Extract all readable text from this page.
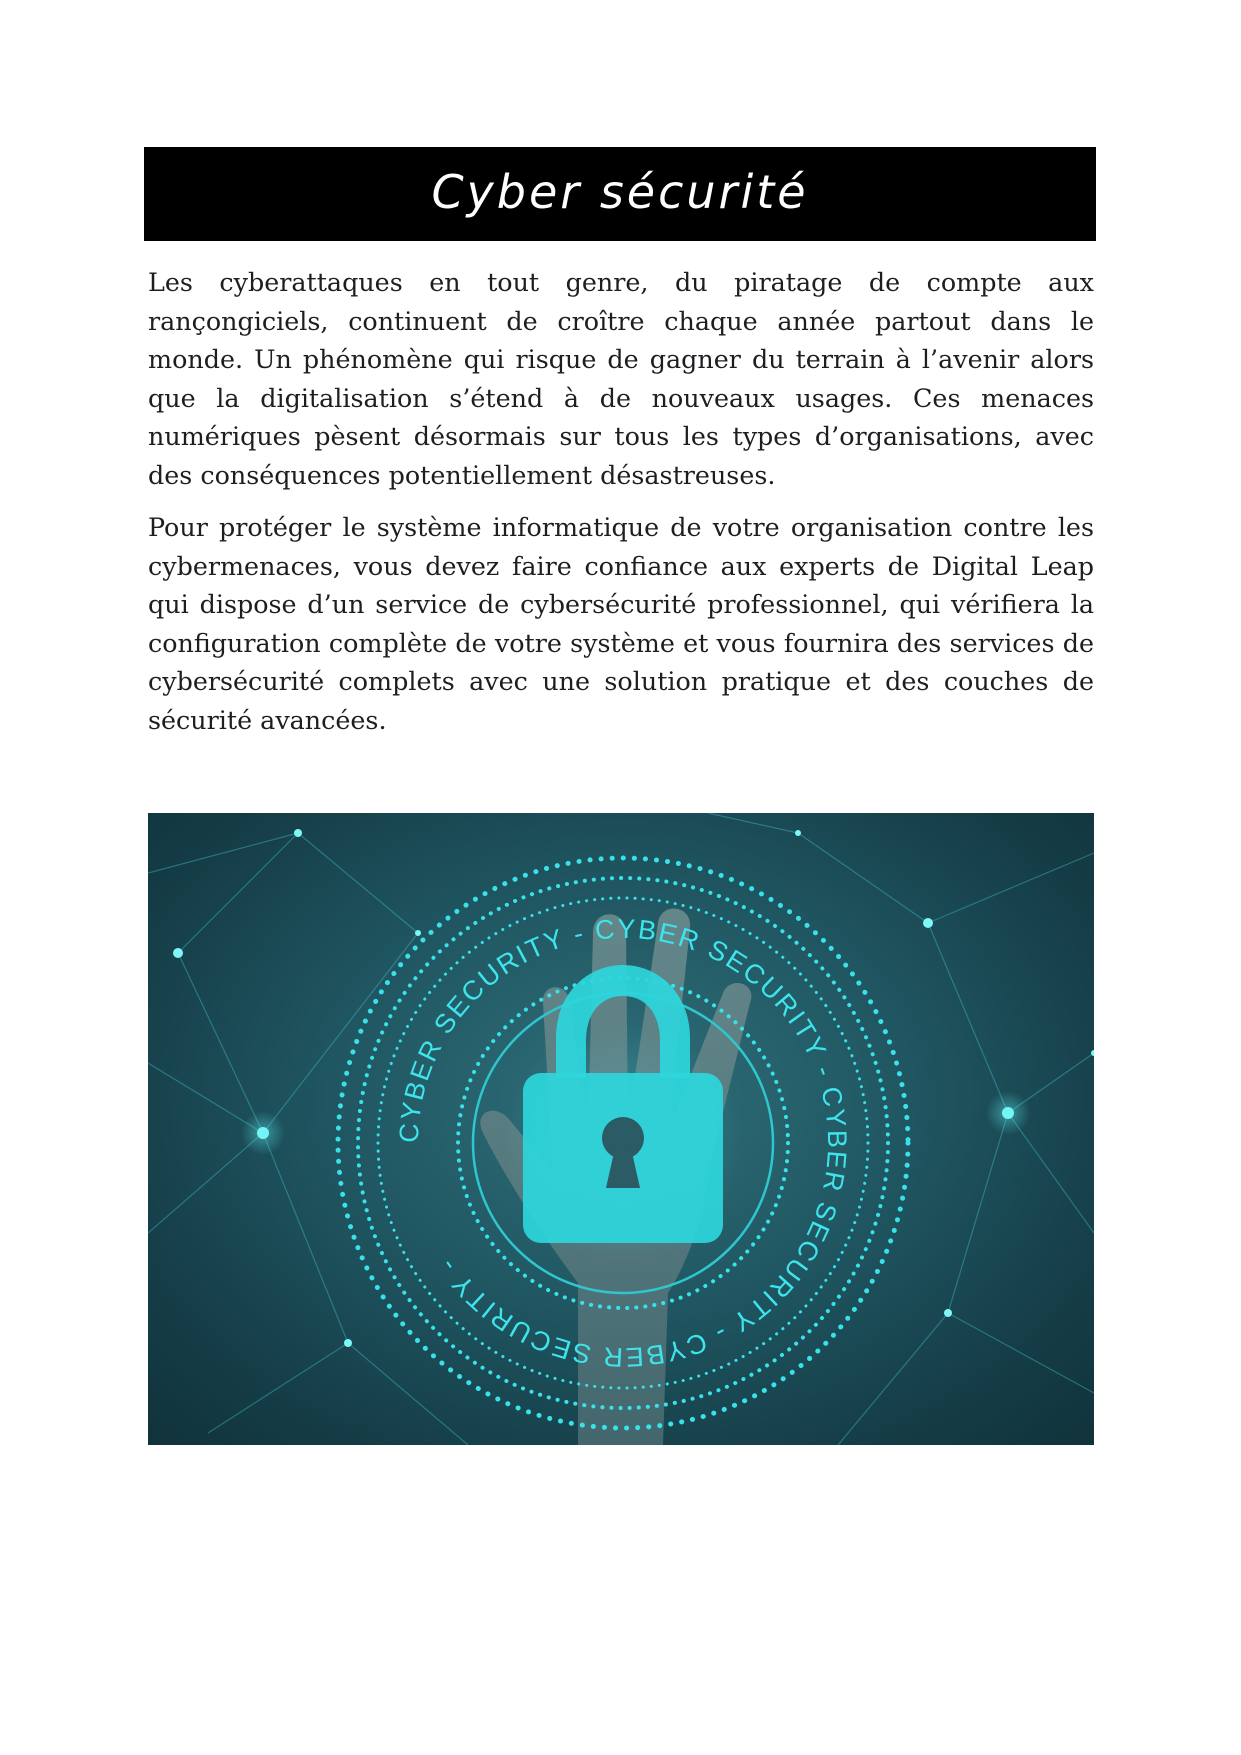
Cyber sécurité

Les cyberattaques en tout genre, du piratage de compte aux rançongiciels, continuent de croître chaque année partout dans le monde. Un phénomène qui risque de gagner du terrain à l’avenir alors que la digitalisation s’étend à de nouveaux usages. Ces menaces numériques pèsent désormais sur tous les types d’organisations, avec des conséquences potentiellement désastreuses.

Pour protéger le système informatique de votre organisation contre les cybermenaces, vous devez faire confiance aux experts de Digital Leap qui dispose d’un service de cybersécurité professionnel, qui vérifiera la configuration complète de votre système et vous fournira des services de cybersécurité complets avec une solution pratique et des couches de sécurité avancées.

CYBER SECURITY - CYBER SECURITY - CYBER SECURITY - CYBER SECURITY -
